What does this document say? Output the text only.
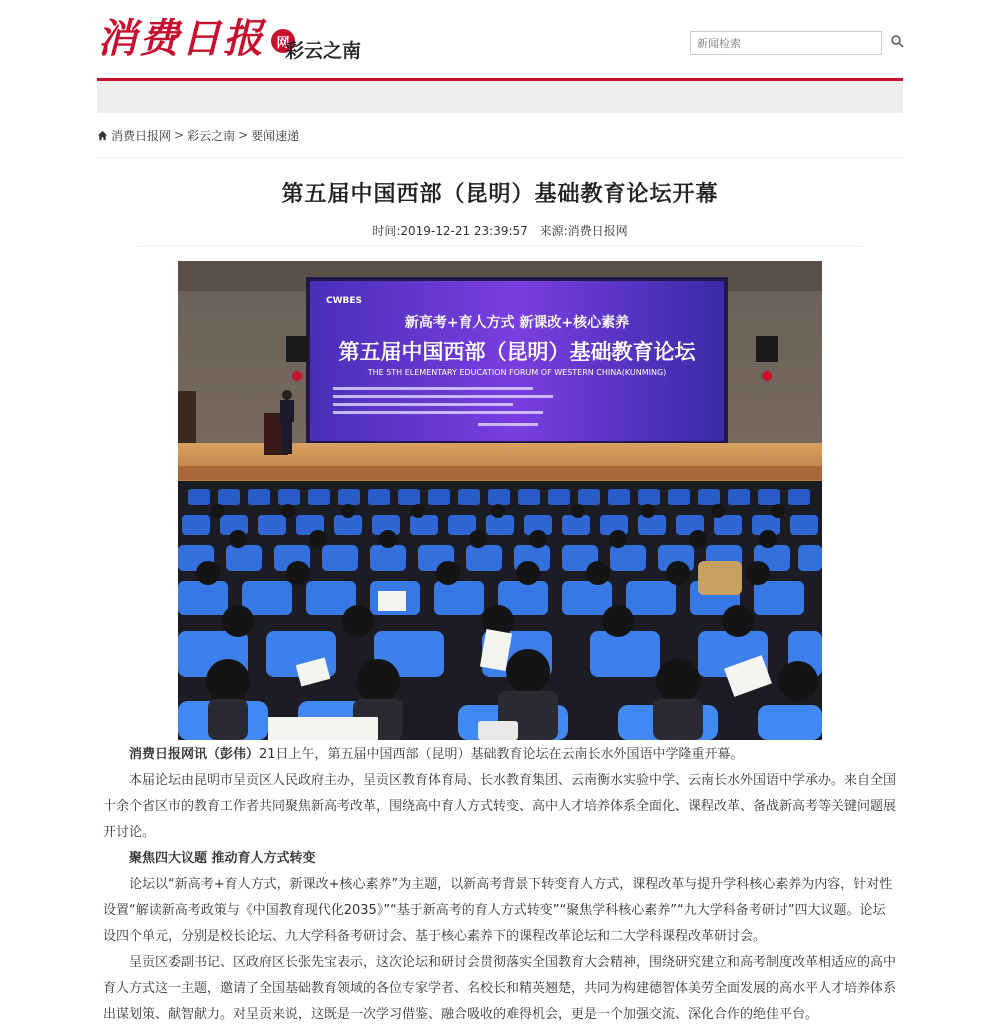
消费日报 网
彩云之南
新闻检索
消费日报网 > 彩云之南 > 要闻速递
第五届中国西部（昆明）基础教育论坛开幕
时间:2019-12-21 23:39:57 来源:消费日报网
CWBES
新高考+育人方式 新课改+核心素养
第五届中国西部（昆明）基础教育论坛
THE 5TH ELEMENTARY EDUCATION FORUM OF WESTERN CHINA(KUNMING)

消费日报网讯（彭伟）21日上午，第五届中国西部（昆明）基础教育论坛在云南长水外国语中学隆重开幕。

本届论坛由昆明市呈贡区人民政府主办，呈贡区教育体育局、长水教育集团、云南衡水实验中学、云南长水外国语中学承办。来自全国十余个省区市的教育工作者共同聚焦新高考改革，围绕高中育人方式转变、高中人才培养体系全面化、课程改革、备战新高考等关键问题展开讨论。

聚焦四大议题 推动育人方式转变

论坛以“新高考+育人方式，新课改+核心素养”为主题，以新高考背景下转变育人方式，课程改革与提升学科核心素养为内容，针对性设置“解读新高考政策与《中国教育现代化2035》”“基于新高考的育人方式转变”“聚焦学科核心素养”“九大学科备考研讨”四大议题。论坛设四个单元，分别是校长论坛、九大学科备考研讨会、基于核心素养下的课程改革论坛和二大学科课程改革研讨会。

呈贡区委副书记、区政府区长张先宝表示，这次论坛和研讨会贯彻落实全国教育大会精神，围绕研究建立和高考制度改革相适应的高中育人方式这一主题，邀请了全国基础教育领域的各位专家学者、名校长和精英翘楚，共同为构建德智体美劳全面发展的高水平人才培养体系出谋划策、献智献力。对呈贡来说，这既是一次学习借鉴、融合吸收的难得机会，更是一个加强交流、深化合作的绝佳平台。
